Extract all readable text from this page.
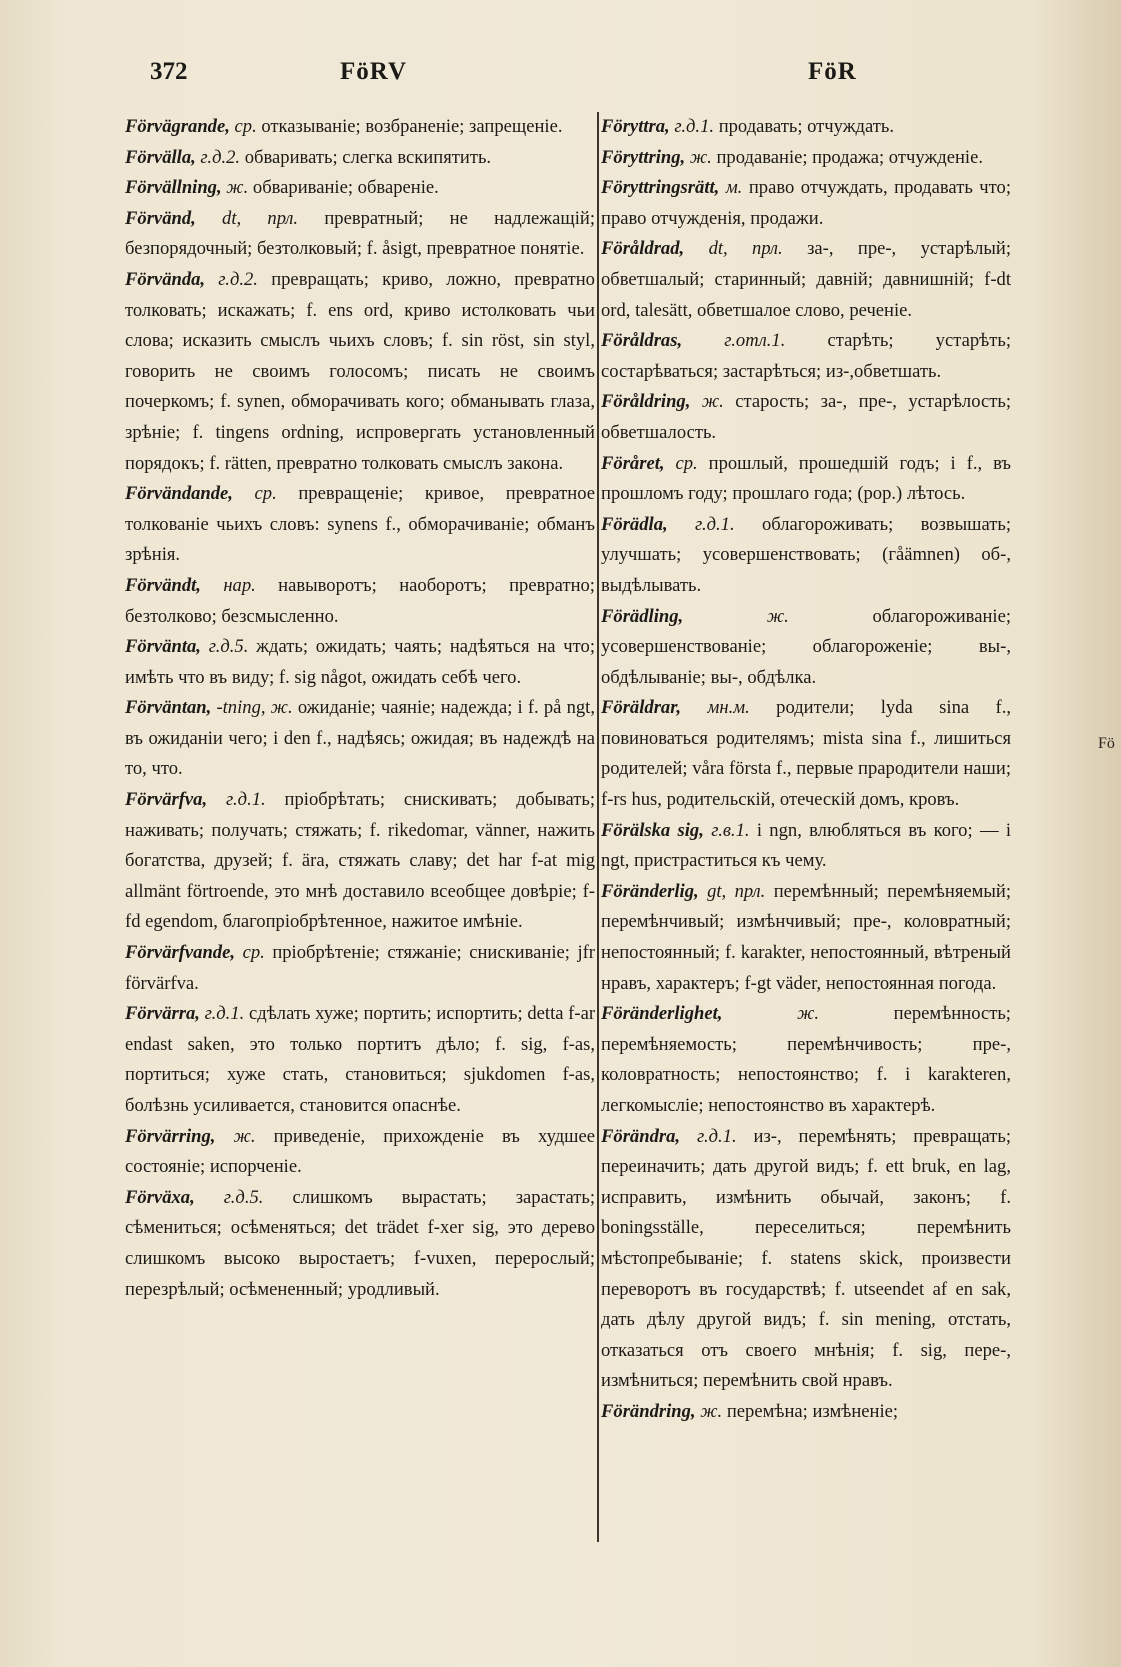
372	FöRV	FöR
Förvägrande, ср. отказываніе; возбраненіе; запрещеніе.
Förvälla, г.д.2. обваривать; слегка вскипятить.
Förvällning, ж. обвариваніе; обвареніе.
Förvänd, dt, прл. превратный; не надлежащій; безпорядочный; безтолковый; f. åsigt, превратное понятіе.
Förvända, г.д.2. превращать; криво, ложно, превратно толковать; искажать; f. ens ord, криво истолковать чьи слова; исказить смыслъ чьихъ словъ; f. sin röst, sin styl, говорить не своимъ голосомъ; писать не своимъ почеркомъ; f. synen, обморачивать кого; обманывать глаза, зрѣніе; f. tingens ordning, испровергать установленный порядокъ; f. rätten, превратно толковать смыслъ закона.
Förvändande, ср. превращеніе; кривое, превратное толкованіе чьихъ словъ: synens f., обморачиваніе; обманъ зрѣнія.
Förvändt, нар. навыворотъ; наоборотъ; превратно; безтолково; безсмысленно.
Förvänta, г.д.5. ждать; ожидать; чаять; надѣяться на что; имѣть что въ виду; f. sig något, ожидать себѣ чего.
Förväntan, -tning, ж. ожиданіе; чаяніе; надежда; i f. på ngt, въ ожиданіи чего; i den f., надѣясь; ожидая; въ надеждѣ на то, что.
Förvärfva, г.д.1. пріобрѣтать; снискивать; добывать; наживать; получать; стяжать; f. rikedomar, vänner, нажить богатства, друзей; f. ära, стяжать славу; det har f-at mig allmänt förtroende, это мнѣ доставило всеобщее довѣріе; f-fd egendom, благопріобрѣтенное, нажитое имѣніе.
Förvärfvande, ср. пріобрѣтеніе; стяжаніе; снискиваніе; jfr förvärfva.
Förvärra, г.д.1. сдѣлать хуже; портить; испортить; detta f-ar endast saken, это только портитъ дѣло; f. sig, f-as, портиться; хуже стать, становиться; sjukdomen f-as, болѣзнь усиливается, становится опаснѣе.
Förvärring, ж. приведеніе, прихожденіе въ худшее состояніе; испорченіе.
Förväxa, г.д.5. слишкомъ вырастать; зарастать; сѣмениться; осѣменяться; det trädet f-xer sig, это дерево слишкомъ высоко выростаетъ; f-vuxen, перерослый; перезрѣлый; осѣмененный; уродливый.
Föryttra, г.д.1. продавать; отчуждать.
Föryttring, ж. продаваніе; продажа; отчужденіе.
Föryttringsrätt, м. право отчуждать, продавать что; право отчужденія, продажи.
Föråldrad, dt, прл. за-, пре-, устарѣлый; обветшалый; старинный; давній; давнишній; f-dt ord, talesätt, обветшалое слово, реченіе.
Föråldras, г.отл.1. старѣть; устарѣть; состарѣваться; застарѣться; из-,обветшать.
Föråldring, ж. старость; за-, пре-, устарѣлость; обветшалость.
Föråret, ср. прошлый, прошедшій годъ; i f., въ прошломъ году; прошлаго года; (рор.) лѣтось.
Förädla, г.д.1. облагороживать; возвышать; улучшать; усовершенствовать; (гåämnen) об-, выдѣлывать.
Förädling,	ж.	облагороживаніе; усовершенствованіе; облагороженіе; вы-, обдѣлываніе; вы-, обдѣлка.
Föräldrar, мн.м. родители; lyda sina f., повиноваться родителямъ; mista sina f., лишиться родителей; våra första f., первые прародители наши; f-rs hus, родительскій, отеческій домъ, кровъ.
Förälska sig, г.в.1. i ngn, влюбляться въ кого; — i ngt, пристраститься къ чему.
Föränderlig, gt, прл. перемѣнный; перемѣняемый; перемѣнчивый; измѣнчивый; пре-, коловратный; непостоянный; f. karakter, непостоянный, вѣтреный нравъ, характеръ; f-gt väder, непостоянная погода.
Föränderlighet,	ж.	перемѣнность; перемѣняемость; перемѣнчивость; пре-, коловратность; непостоянство; f. i karakteren, легкомысліе; непостоянство въ характерѣ.
Förändra, г.д.1. из-, перемѣнять; превращать; переиначить; дать другой видъ; f. ett bruk, en lag, исправить, измѣнить обычай, законъ; f. boningsställe, переселиться; перемѣнить мѣстопребываніе; f. statens skick, произвести переворотъ въ государствѣ; f. utseendet af en sak, дать дѣлу другой видъ; f. sin mening, отстать, отказаться отъ своего мнѣнія; f. sig, пере-, измѣниться; перемѣнить свой нравъ.
Förändring, ж. перемѣна; измѣненіе;
Fö
